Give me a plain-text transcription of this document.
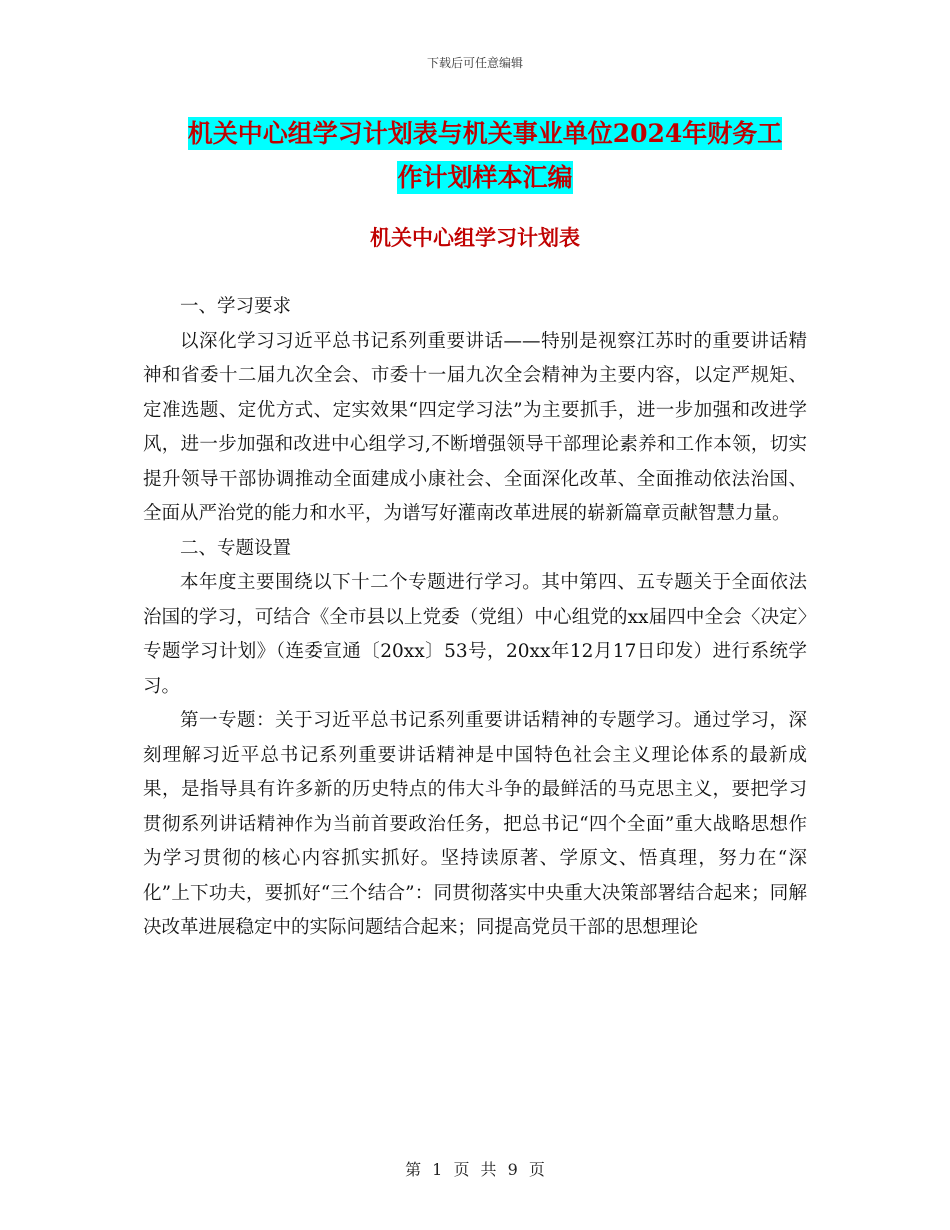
下载后可任意编辑
机关中心组学习计划表与机关事业单位2024年财务工
作计划样本汇编
机关中心组学习计划表

一、学习要求

以深化学习习近平总书记系列重要讲话——特别是视察江苏时的重要讲话精神和省委十二届九次全会、市委十一届九次全会精神为主要内容，以定严规矩、定准选题、定优方式、定实效果“四定学习法”为主要抓手，进一步加强和改进学风，进一步加强和改进中心组学习,不断增强领导干部理论素养和工作本领，切实提升领导干部协调推动全面建成小康社会、全面深化改革、全面推动依法治国、全面从严治党的能力和水平，为谱写好灌南改革进展的崭新篇章贡献智慧力量。

二、专题设置

本年度主要围绕以下十二个专题进行学习。其中第四、五专题关于全面依法治国的学习，可结合《全市县以上党委（党组）中心组党的xx届四中全会〈决定〉专题学习计划》（连委宣通〔20xx〕53号，20xx年12月17日印发）进行系统学习。

第一专题：关于习近平总书记系列重要讲话精神的专题学习。通过学习，深刻理解习近平总书记系列重要讲话精神是中国特色社会主义理论体系的最新成果，是指导具有许多新的历史特点的伟大斗争的最鲜活的马克思主义，要把学习贯彻系列讲话精神作为当前首要政治任务，把总书记“四个全面”重大战略思想作为学习贯彻的核心内容抓实抓好。坚持读原著、学原文、悟真理，努力在“深化”上下功夫，要抓好“三个结合”：同贯彻落实中央重大决策部署结合起来；同解决改革进展稳定中的实际问题结合起来；同提高党员干部的思想理论

第 1 页 共 9 页
